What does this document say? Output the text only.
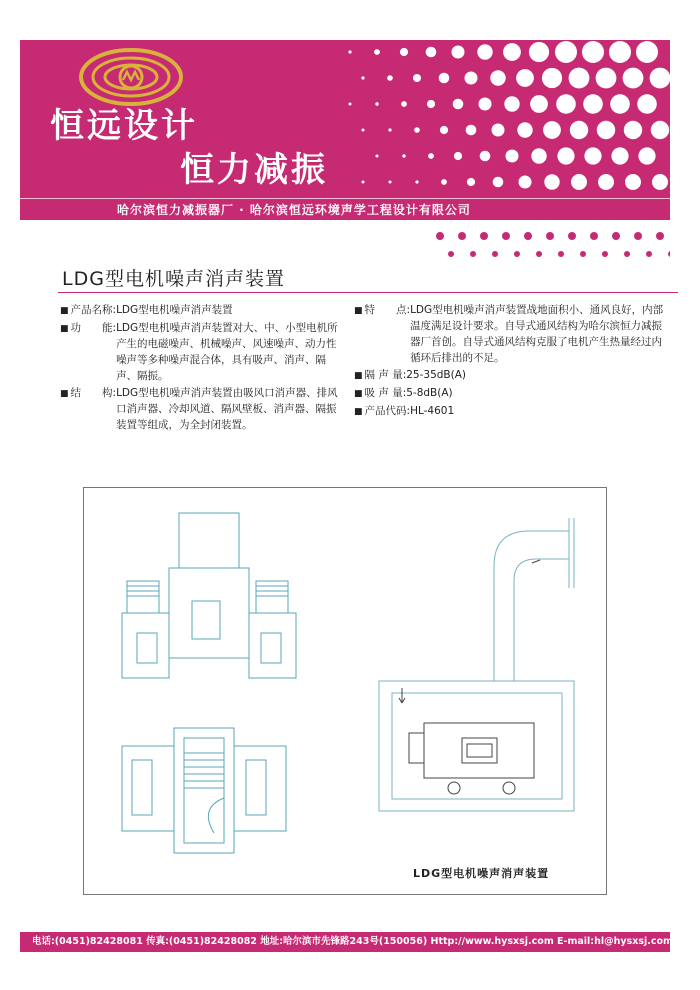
恒远设计
恒力减振
哈尔滨恒力减振器厂 · 哈尔滨恒远环境声学工程设计有限公司
LDG型电机噪声消声装置
■ 产品名称: LDG型电机噪声消声装置
■ 功　　能: LDG型电机噪声消声装置对大、中、小型电机所产生的电磁噪声、机械噪声、风速噪声、动力性噪声等多种噪声混合体，具有吸声、消声、隔声、隔振。
■ 结　　构: LDG型电机噪声消声装置由吸风口消声器、排风口消声器、冷却风道、隔风壁板、消声器、隔振装置等组成，为全封闭装置。
■ 特　　点: LDG型电机噪声消声装置战地面积小、通风良好，内部温度满足设计要求。自导式通风结构为哈尔滨恒力减振器厂首创。自导式通风结构克服了电机产生热量经过内循环后排出的不足。
■ 隔 声 量: 25-35dB(A)
■ 吸 声 量: 5-8dB(A)
■ 产品代码: HL-4601
LDG型电机噪声消声装置
电话:(0451)82428081 传真:(0451)82428082 地址:哈尔滨市先锋路243号(150056) Http://www.hysxsj.com E-mail:hl@hysxsj.com
